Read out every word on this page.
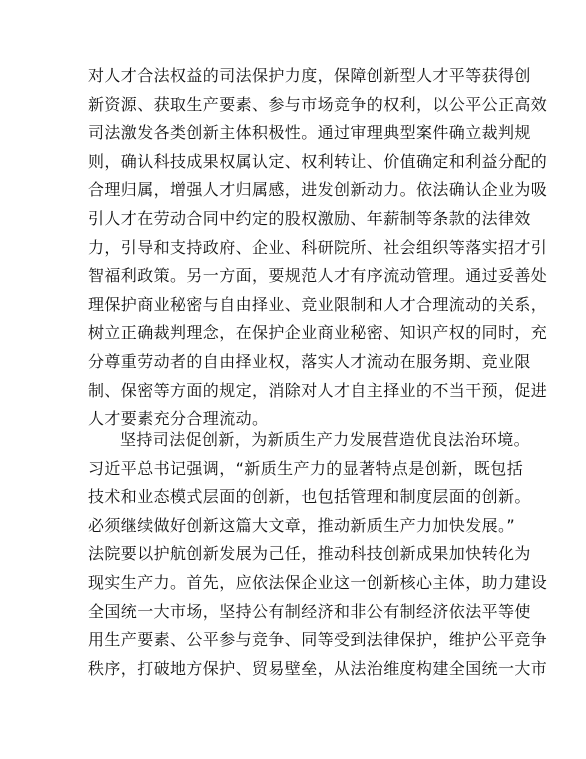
对人才合法权益的司法保护力度，保障创新型人才平等获得创
新资源、获取生产要素、参与市场竞争的权利，以公平公正高效
司法激发各类创新主体积极性。通过审理典型案件确立裁判规
则，确认科技成果权属认定、权利转让、价值确定和利益分配的
合理归属，增强人才归属感，进发创新动力。依法确认企业为吸
引人才在劳动合同中约定的股权激励、年薪制等条款的法律效
力，引导和支持政府、企业、科研院所、社会组织等落实招才引
智福利政策。另一方面，要规范人才有序流动管理。通过妥善处
理保护商业秘密与自由择业、竞业限制和人才合理流动的关系，
树立正确裁判理念，在保护企业商业秘密、知识产权的同时，充
分尊重劳动者的自由择业权，落实人才流动在服务期、竞业限
制、保密等方面的规定，消除对人才自主择业的不当干预，促进
人才要素充分合理流动。
坚持司法促创新，为新质生产力发展营造优良法治环境。
习近平总书记强调，“新质生产力的显著特点是创新，既包括
技术和业态模式层面的创新，也包括管理和制度层面的创新。
必须继续做好创新这篇大文章，推动新质生产力加快发展。”
法院要以护航创新发展为己任，推动科技创新成果加快转化为
现实生产力。首先，应依法保企业这一创新核心主体，助力建设
全国统一大市场，坚持公有制经济和非公有制经济依法平等使
用生产要素、公平参与竞争、同等受到法律保护，维护公平竞争
秩序，打破地方保护、贸易壁垒，从法治维度构建全国统一大市
